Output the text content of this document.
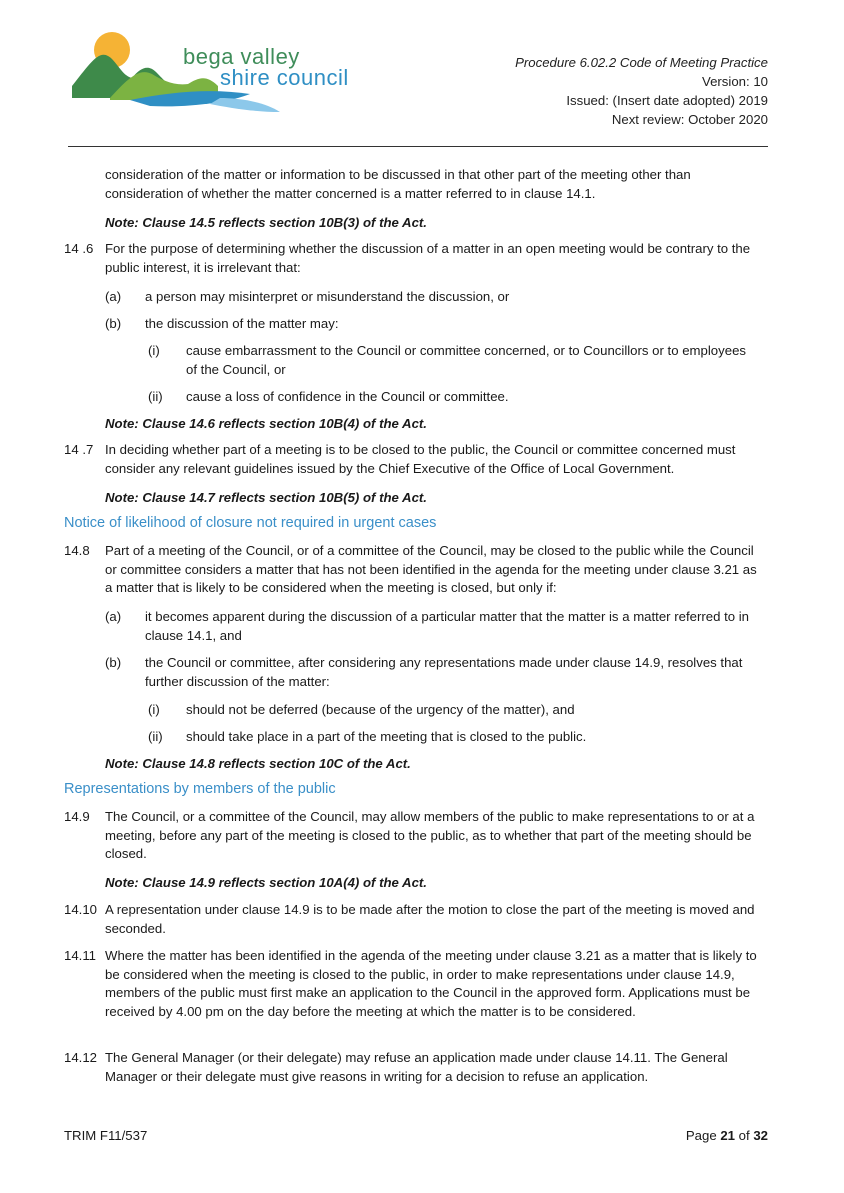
bega valley
shire council
Procedure 6.02.2 Code of Meeting Practice
Version: 10
Issued: (Insert date adopted) 2019
Next review: October 2020
consideration of the matter or information to be discussed in that other part of the meeting other than consideration of whether the matter concerned is a matter referred to in clause 14.1.
Note: Clause 14.5 reflects section 10B(3) of the Act.
14 .6 For the purpose of determining whether the discussion of a matter in an open meeting would be contrary to the public interest, it is irrelevant that:
(a) a person may misinterpret or misunderstand the discussion, or
(b) the discussion of the matter may:
(i) cause embarrassment to the Council or committee concerned, or to Councillors or to employees of the Council, or
(ii) cause a loss of confidence in the Council or committee.
Note: Clause 14.6 reflects section 10B(4) of the Act.
14 .7 In deciding whether part of a meeting is to be closed to the public, the Council or committee concerned must consider any relevant guidelines issued by the Chief Executive of the Office of Local Government.
Note: Clause 14.7 reflects section 10B(5) of the Act.
Notice of likelihood of closure not required in urgent cases
14.8 Part of a meeting of the Council, or of a committee of the Council, may be closed to the public while the Council or committee considers a matter that has not been identified in the agenda for the meeting under clause 3.21 as a matter that is likely to be considered when the meeting is closed, but only if:
(a) it becomes apparent during the discussion of a particular matter that the matter is a matter referred to in clause 14.1, and
(b) the Council or committee, after considering any representations made under clause 14.9, resolves that further discussion of the matter:
(i) should not be deferred (because of the urgency of the matter), and
(ii) should take place in a part of the meeting that is closed to the public.
Note: Clause 14.8 reflects section 10C of the Act.
Representations by members of the public
14.9 The Council, or a committee of the Council, may allow members of the public to make representations to or at a meeting, before any part of the meeting is closed to the public, as to whether that part of the meeting should be closed.
Note: Clause 14.9 reflects section 10A(4) of the Act.
14.10 A representation under clause 14.9 is to be made after the motion to close the part of the meeting is moved and seconded.
14.11 Where the matter has been identified in the agenda of the meeting under clause 3.21 as a matter that is likely to be considered when the meeting is closed to the public, in order to make representations under clause 14.9, members of the public must first make an application to the Council in the approved form. Applications must be received by 4.00 pm on the day before the meeting at which the matter is to be considered.
14.12 The General Manager (or their delegate) may refuse an application made under clause 14.11. The General Manager or their delegate must give reasons in writing for a decision to refuse an application.
TRIM F11/537	Page 21 of 32
